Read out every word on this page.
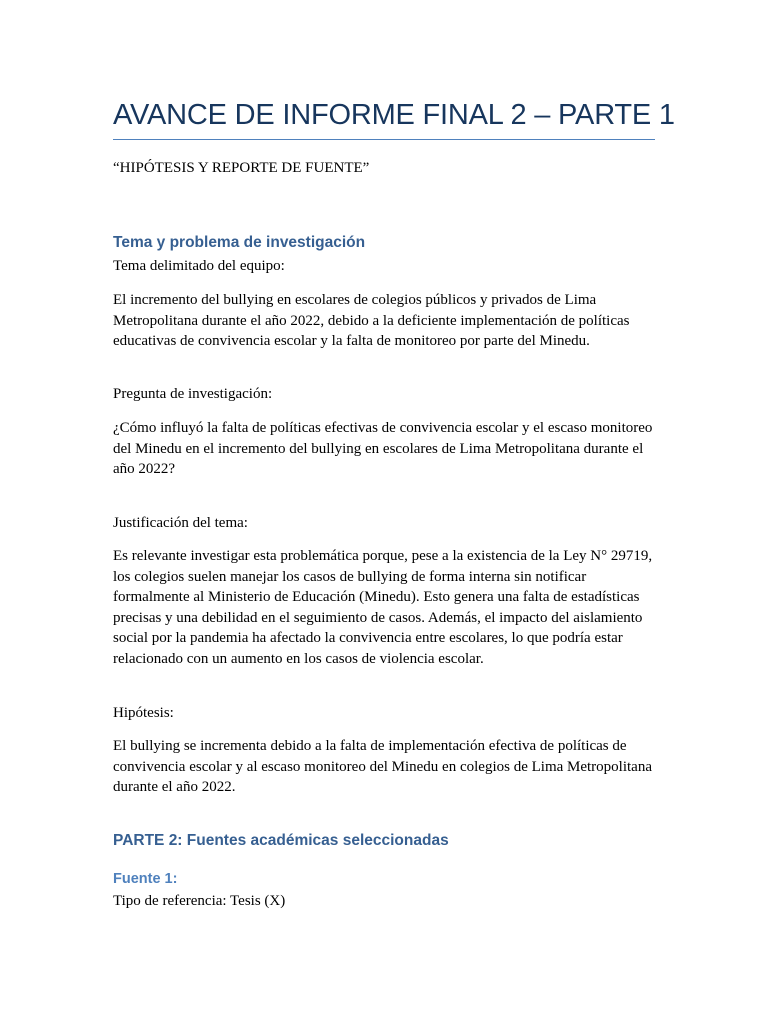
AVANCE DE INFORME FINAL 2 – PARTE 1

“HIPÓTESIS Y REPORTE DE FUENTE”

Tema y problema de investigación

Tema delimitado del equipo:

El incremento del bullying en escolares de colegios públicos y privados de Lima Metropolitana durante el año 2022, debido a la deficiente implementación de políticas educativas de convivencia escolar y la falta de monitoreo por parte del Minedu.

Pregunta de investigación:

¿Cómo influyó la falta de políticas efectivas de convivencia escolar y el escaso monitoreo del Minedu en el incremento del bullying en escolares de Lima Metropolitana durante el año 2022?

Justificación del tema:

Es relevante investigar esta problemática porque, pese a la existencia de la Ley N° 29719, los colegios suelen manejar los casos de bullying de forma interna sin notificar formalmente al Ministerio de Educación (Minedu). Esto genera una falta de estadísticas precisas y una debilidad en el seguimiento de casos. Además, el impacto del aislamiento social por la pandemia ha afectado la convivencia entre escolares, lo que podría estar relacionado con un aumento en los casos de violencia escolar.

Hipótesis:

El bullying se incrementa debido a la falta de implementación efectiva de políticas de convivencia escolar y al escaso monitoreo del Minedu en colegios de Lima Metropolitana durante el año 2022.

PARTE 2: Fuentes académicas seleccionadas
Fuente 1:

Tipo de referencia: Tesis (X)
